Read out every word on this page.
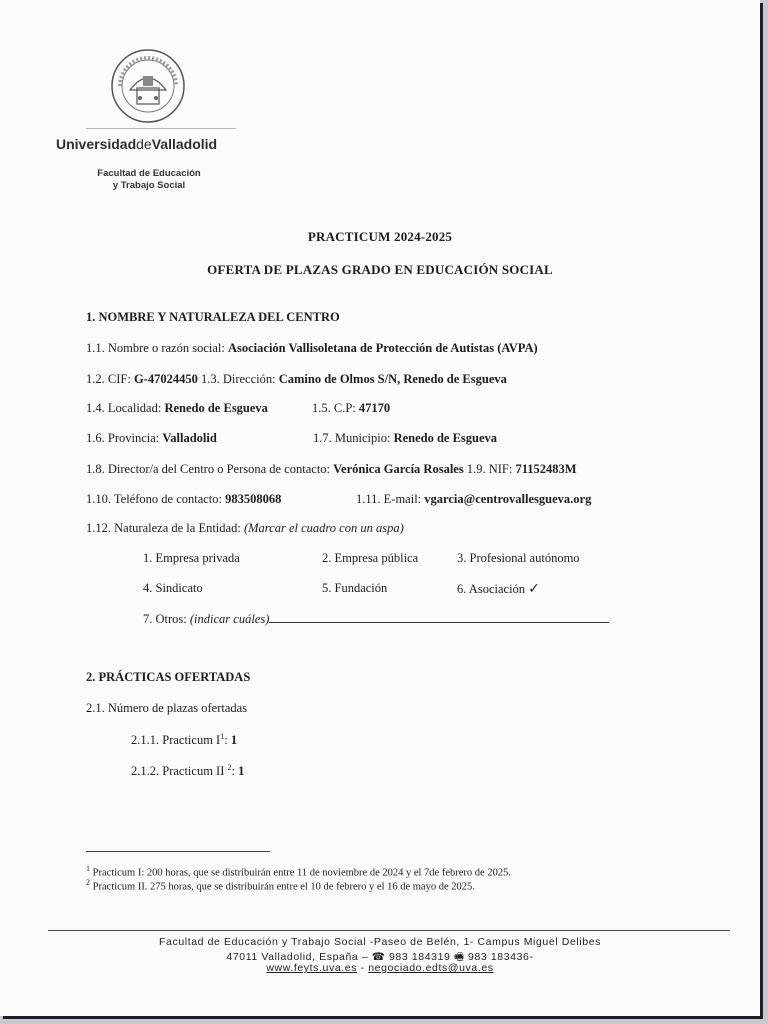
UniversidaddeValladolid
Facultad de Educación
y Trabajo Social
PRACTICUM 2024-2025
OFERTA DE PLAZAS GRADO EN EDUCACIÓN SOCIAL
1. NOMBRE Y NATURALEZA DEL CENTRO
1.1. Nombre o razón social: Asociación Vallisoletana de Protección de Autistas (AVPA)
1.2. CIF: G-47024450 1.3. Dirección: Camino de Olmos S/N, Renedo de Esgueva
1.4. Localidad: Renedo de Esgueva	1.5. C.P: 47170
1.6. Provincia: Valladolid	1.7. Municipio: Renedo de Esgueva
1.8. Director/a del Centro o Persona de contacto: Verónica García Rosales 1.9. NIF: 71152483M
1.10. Teléfono de contacto: 983508068	1.11. E-mail: vgarcia@centrovallesgueva.org
1.12. Naturaleza de la Entidad: (Marcar el cuadro con un aspa)
1. Empresa privada	2. Empresa pública	3. Profesional autónomo
4. Sindicato	5. Fundación	6. Asociación ✓
7. Otros: (indicar cuáles)
2. PRÁCTICAS OFERTADAS
2.1. Número de plazas ofertadas
2.1.1. Practicum $I^1$: 1
2.1.2. Practicum II $^2$: 1
$^1$ Practicum I: 200 horas, que se distribuirán entre 11 de noviembre de 2024 y el 7de febrero de 2025.
$^2$ Practicum II. 275 horas, que se distribuirán entre el 10 de febrero y el 16 de mayo de 2025.
Facultad de Educación y Trabajo Social -Paseo de Belén, 1- Campus Miguel Delibes
47011 Valladolid, España – ☎ 983 184319 🖷 983 183436-
www.feyts.uva.es - negociado.edts@uva.es
